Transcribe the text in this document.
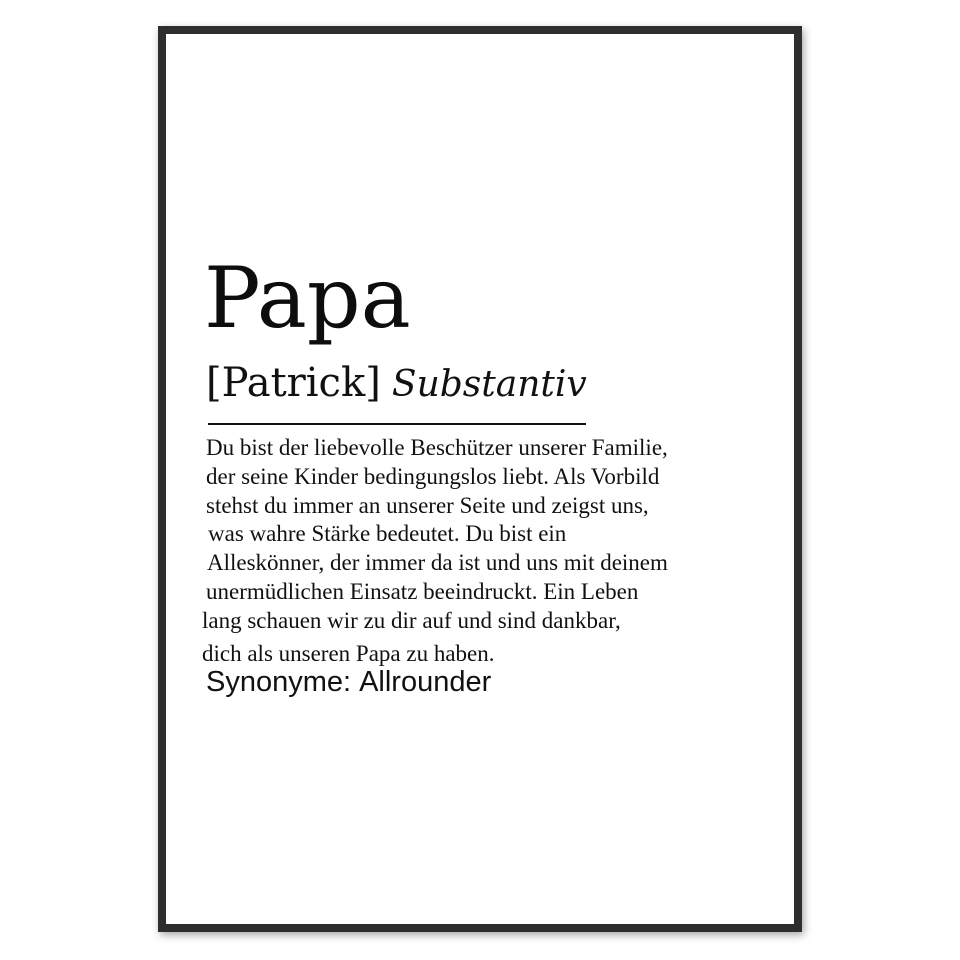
Papa
[Patrick] Substantiv
Du bist der liebevolle Beschützer unserer Familie,
der seine Kinder bedingungslos liebt. Als Vorbild
stehst du immer an unserer Seite und zeigst uns,
was wahre Stärke bedeutet. Du bist ein
Alleskönner, der immer da ist und uns mit deinem
unermüdlichen Einsatz beeindruckt. Ein Leben
lang schauen wir zu dir auf und sind dankbar,
dich als unseren Papa zu haben.
Synonyme: Allrounder
